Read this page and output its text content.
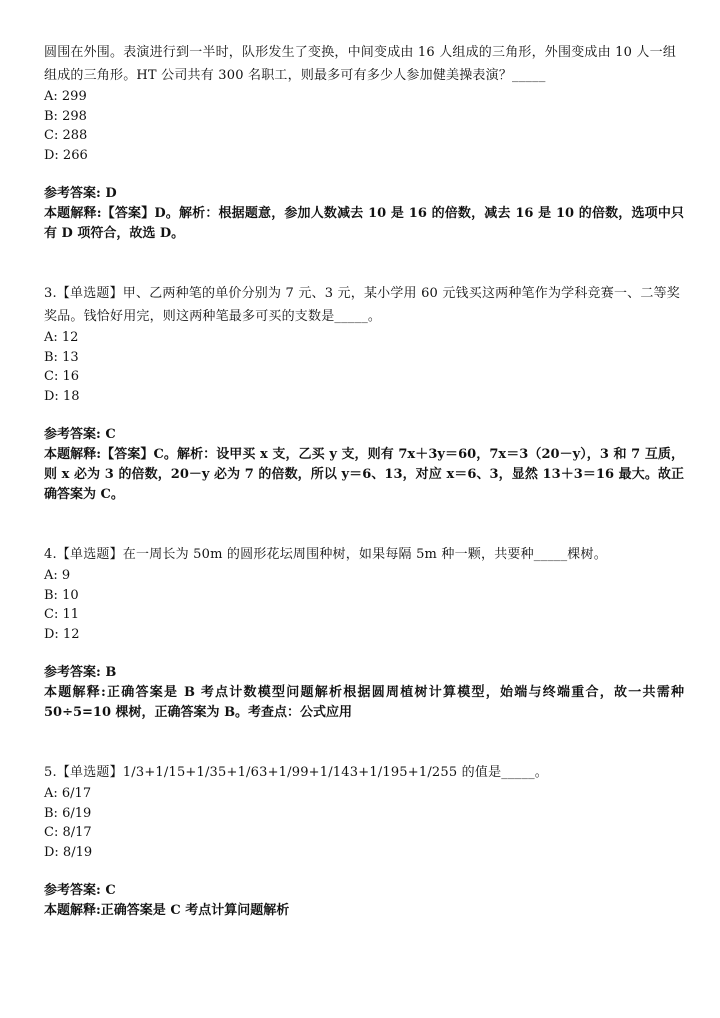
圆围在外围。表演进行到一半时，队形发生了变换，中间变成由 16 人组成的三角形，外围变成由 10 人一组组成的三角形。HT 公司共有 300 名职工，则最多可有多少人参加健美操表演？_____
A: 299
B: 298
C: 288
D: 266
参考答案: D
本题解释:【答案】D。解析：根据题意，参加人数减去 10 是 16 的倍数，减去 16 是 10 的倍数，选项中只有 D 项符合，故选 D。
3.【单选题】甲、乙两种笔的单价分别为 7 元、3 元，某小学用 60 元钱买这两种笔作为学科竞赛一、二等奖奖品。钱恰好用完，则这两种笔最多可买的支数是_____。
A: 12
B: 13
C: 16
D: 18
参考答案: C
本题解释:【答案】C。解析：设甲买 x 支，乙买 y 支，则有 7x＋3y＝60，7x＝3（20－y），3 和 7 互质，则 x 必为 3 的倍数，20－y 必为 7 的倍数，所以 y＝6、13，对应 x＝6、3，显然 13＋3＝16 最大。故正确答案为 C。
4.【单选题】在一周长为 50m 的圆形花坛周围种树，如果每隔 5m 种一颗，共要种_____棵树。
A: 9
B: 10
C: 11
D: 12
参考答案: B
本题解释:正确答案是 B 考点计数模型问题解析根据圆周植树计算模型，始端与终端重合，故一共需种 50÷5=10 棵树，正确答案为 B。考查点：公式应用
5.【单选题】1/3+1/15+1/35+1/63+1/99+1/143+1/195+1/255 的值是_____。
A: 6/17
B: 6/19
C: 8/17
D: 8/19
参考答案: C
本题解释:正确答案是 C 考点计算问题解析
